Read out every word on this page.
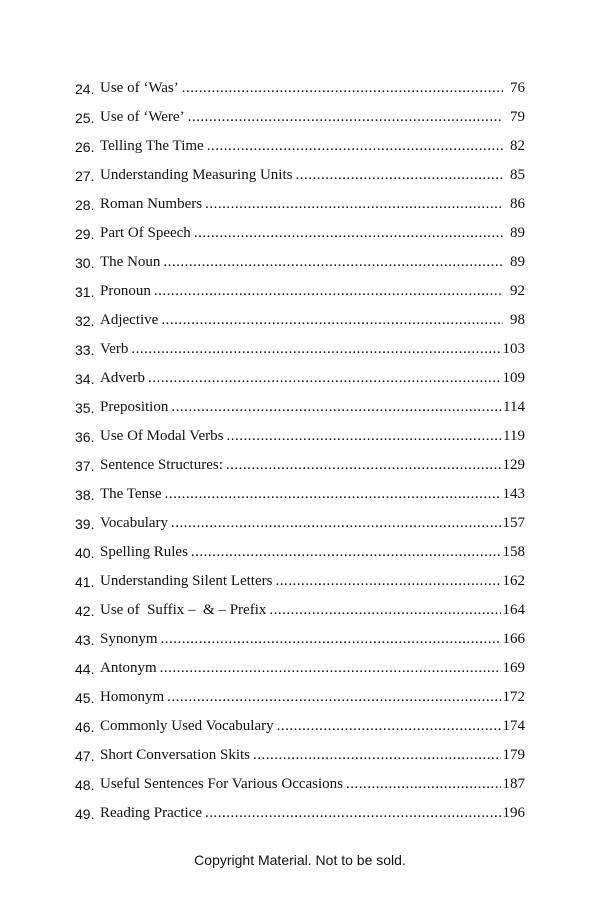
24. Use of ‘Was’ .....	76
25. Use of ‘Were’ .....	79
26. Telling The Time .....	82
27. Understanding Measuring Units .....	85
28. Roman Numbers .....	86
29. Part Of Speech .....	89
30. The Noun .....	89
31. Pronoun .....	92
32. Adjective .....	98
33. Verb .....	103
34. Adverb .....	109
35. Preposition .....	114
36. Use Of Modal Verbs .....	119
37. Sentence Structures: .....	129
38. The Tense .....	143
39. Vocabulary .....	157
40. Spelling Rules .....	158
41. Understanding Silent Letters .....	162
42. Use of  Suffix –  & – Prefix .....	164
43. Synonym .....	166
44. Antonym .....	169
45. Homonym .....	172
46. Commonly Used Vocabulary .....	174
47. Short Conversation Skits .....	179
48. Useful Sentences For Various Occasions .....	187
49. Reading Practice .....	196
Copyright Material. Not to be sold.
